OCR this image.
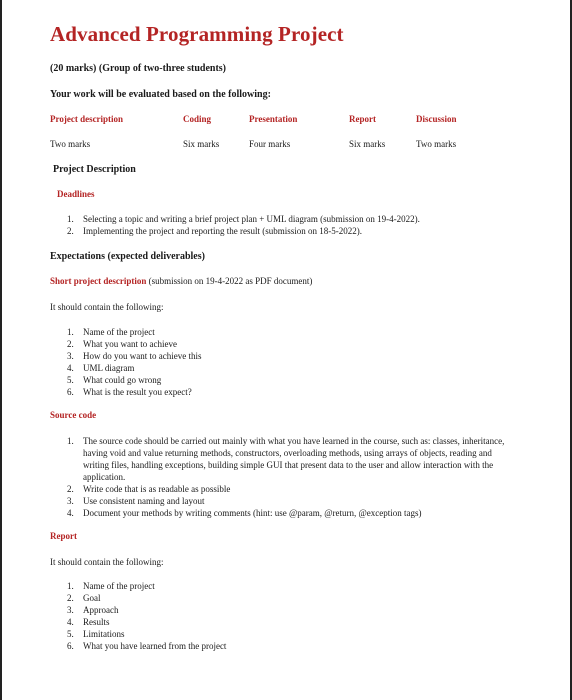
Advanced Programming Project
(20 marks) (Group of two-three students)
Your work will be evaluated based on the following:
Project description	Coding	Presentation	Report	Discussion
Two marks	Six marks	Four marks	Six marks	Two marks
Project Description
Deadlines
1.	Selecting a topic and writing a brief project plan + UML diagram (submission on 19-4-2022).
2.	Implementing the project and reporting the result (submission on 18-5-2022).
Expectations (expected deliverables)
Short project description (submission on 19-4-2022 as PDF document)
It should contain the following:
1.	Name of the project
2.	What you want to achieve
3.	How do you want to achieve this
4.	UML diagram
5.	What could go wrong
6.	What is the result you expect?
Source code
1.	The source code should be carried out mainly with what you have learned in the course, such as: classes, inheritance, having void and value returning methods, constructors, overloading methods, using arrays of objects, reading and writing files, handling exceptions, building simple GUI that present data to the user and allow interaction with the application.
2.	Write code that is as readable as possible
3.	Use consistent naming and layout
4.	Document your methods by writing comments (hint: use @param, @return, @exception tags)
Report
It should contain the following:
1.	Name of the project
2.	Goal
3.	Approach
4.	Results
5.	Limitations
6.	What you have learned from the project
